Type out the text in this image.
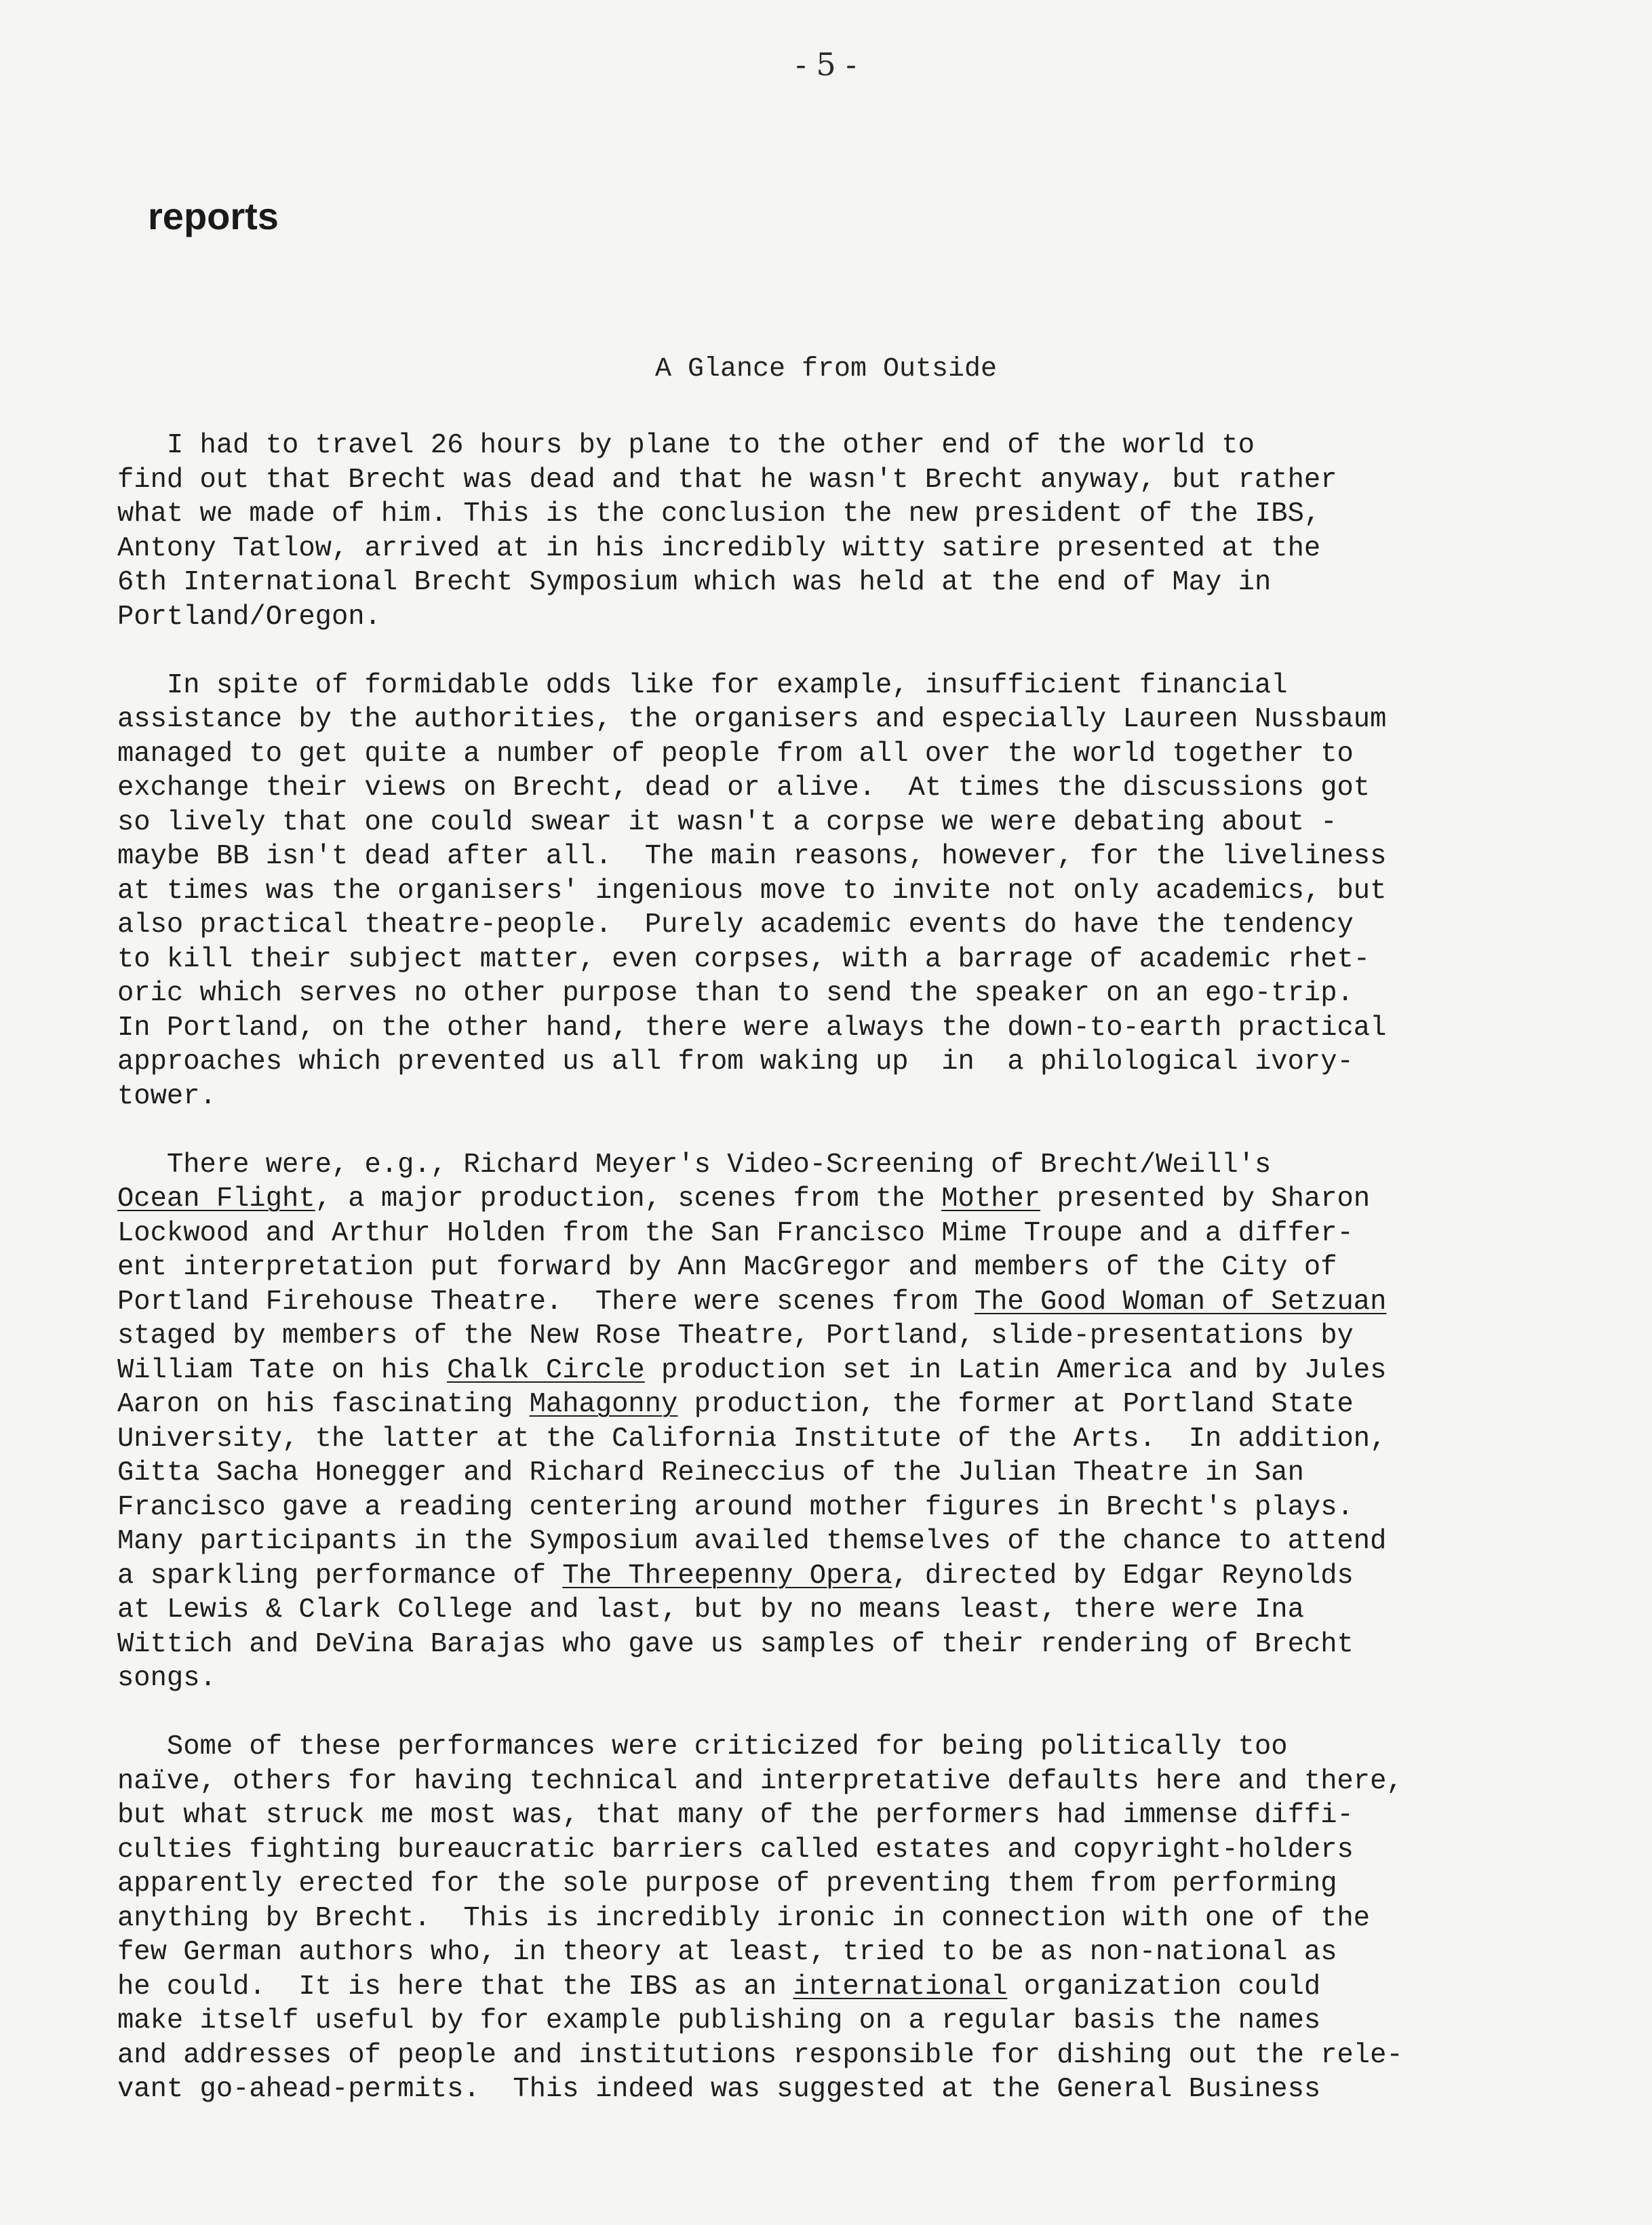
- 5 -
reports
A Glance from Outside
I had to travel 26 hours by plane to the other end of the world to
find out that Brecht was dead and that he wasn't Brecht anyway, but rather
what we made of him. This is the conclusion the new president of the IBS,
Antony Tatlow, arrived at in his incredibly witty satire presented at the
6th International Brecht Symposium which was held at the end of May in
Portland/Oregon.
In spite of formidable odds like for example, insufficient financial
assistance by the authorities, the organisers and especially Laureen Nussbaum
managed to get quite a number of people from all over the world together to
exchange their views on Brecht, dead or alive.  At times the discussions got
so lively that one could swear it wasn't a corpse we were debating about -
maybe BB isn't dead after all.  The main reasons, however, for the liveliness
at times was the organisers' ingenious move to invite not only academics, but
also practical theatre-people.  Purely academic events do have the tendency
to kill their subject matter, even corpses, with a barrage of academic rhet-
oric which serves no other purpose than to send the speaker on an ego-trip.
In Portland, on the other hand, there were always the down-to-earth practical
approaches which prevented us all from waking up  in  a philological ivory-
tower.
There were, e.g., Richard Meyer's Video-Screening of Brecht/Weill's
Ocean Flight, a major production, scenes from the Mother presented by Sharon
Lockwood and Arthur Holden from the San Francisco Mime Troupe and a differ-
ent interpretation put forward by Ann MacGregor and members of the City of
Portland Firehouse Theatre.  There were scenes from The Good Woman of Setzuan
staged by members of the New Rose Theatre, Portland, slide-presentations by
William Tate on his Chalk Circle production set in Latin America and by Jules
Aaron on his fascinating Mahagonny production, the former at Portland State
University, the latter at the California Institute of the Arts.  In addition,
Gitta Sacha Honegger and Richard Reineccius of the Julian Theatre in San
Francisco gave a reading centering around mother figures in Brecht's plays.
Many participants in the Symposium availed themselves of the chance to attend
a sparkling performance of The Threepenny Opera, directed by Edgar Reynolds
at Lewis & Clark College and last, but by no means least, there were Ina
Wittich and DeVina Barajas who gave us samples of their rendering of Brecht
songs.
Some of these performances were criticized for being politically too
naïve, others for having technical and interpretative defaults here and there,
but what struck me most was, that many of the performers had immense diffi-
culties fighting bureaucratic barriers called estates and copyright-holders
apparently erected for the sole purpose of preventing them from performing
anything by Brecht.  This is incredibly ironic in connection with one of the
few German authors who, in theory at least, tried to be as non-national as
he could.  It is here that the IBS as an international organization could
make itself useful by for example publishing on a regular basis the names
and addresses of people and institutions responsible for dishing out the rele-
vant go-ahead-permits.  This indeed was suggested at the General Business
